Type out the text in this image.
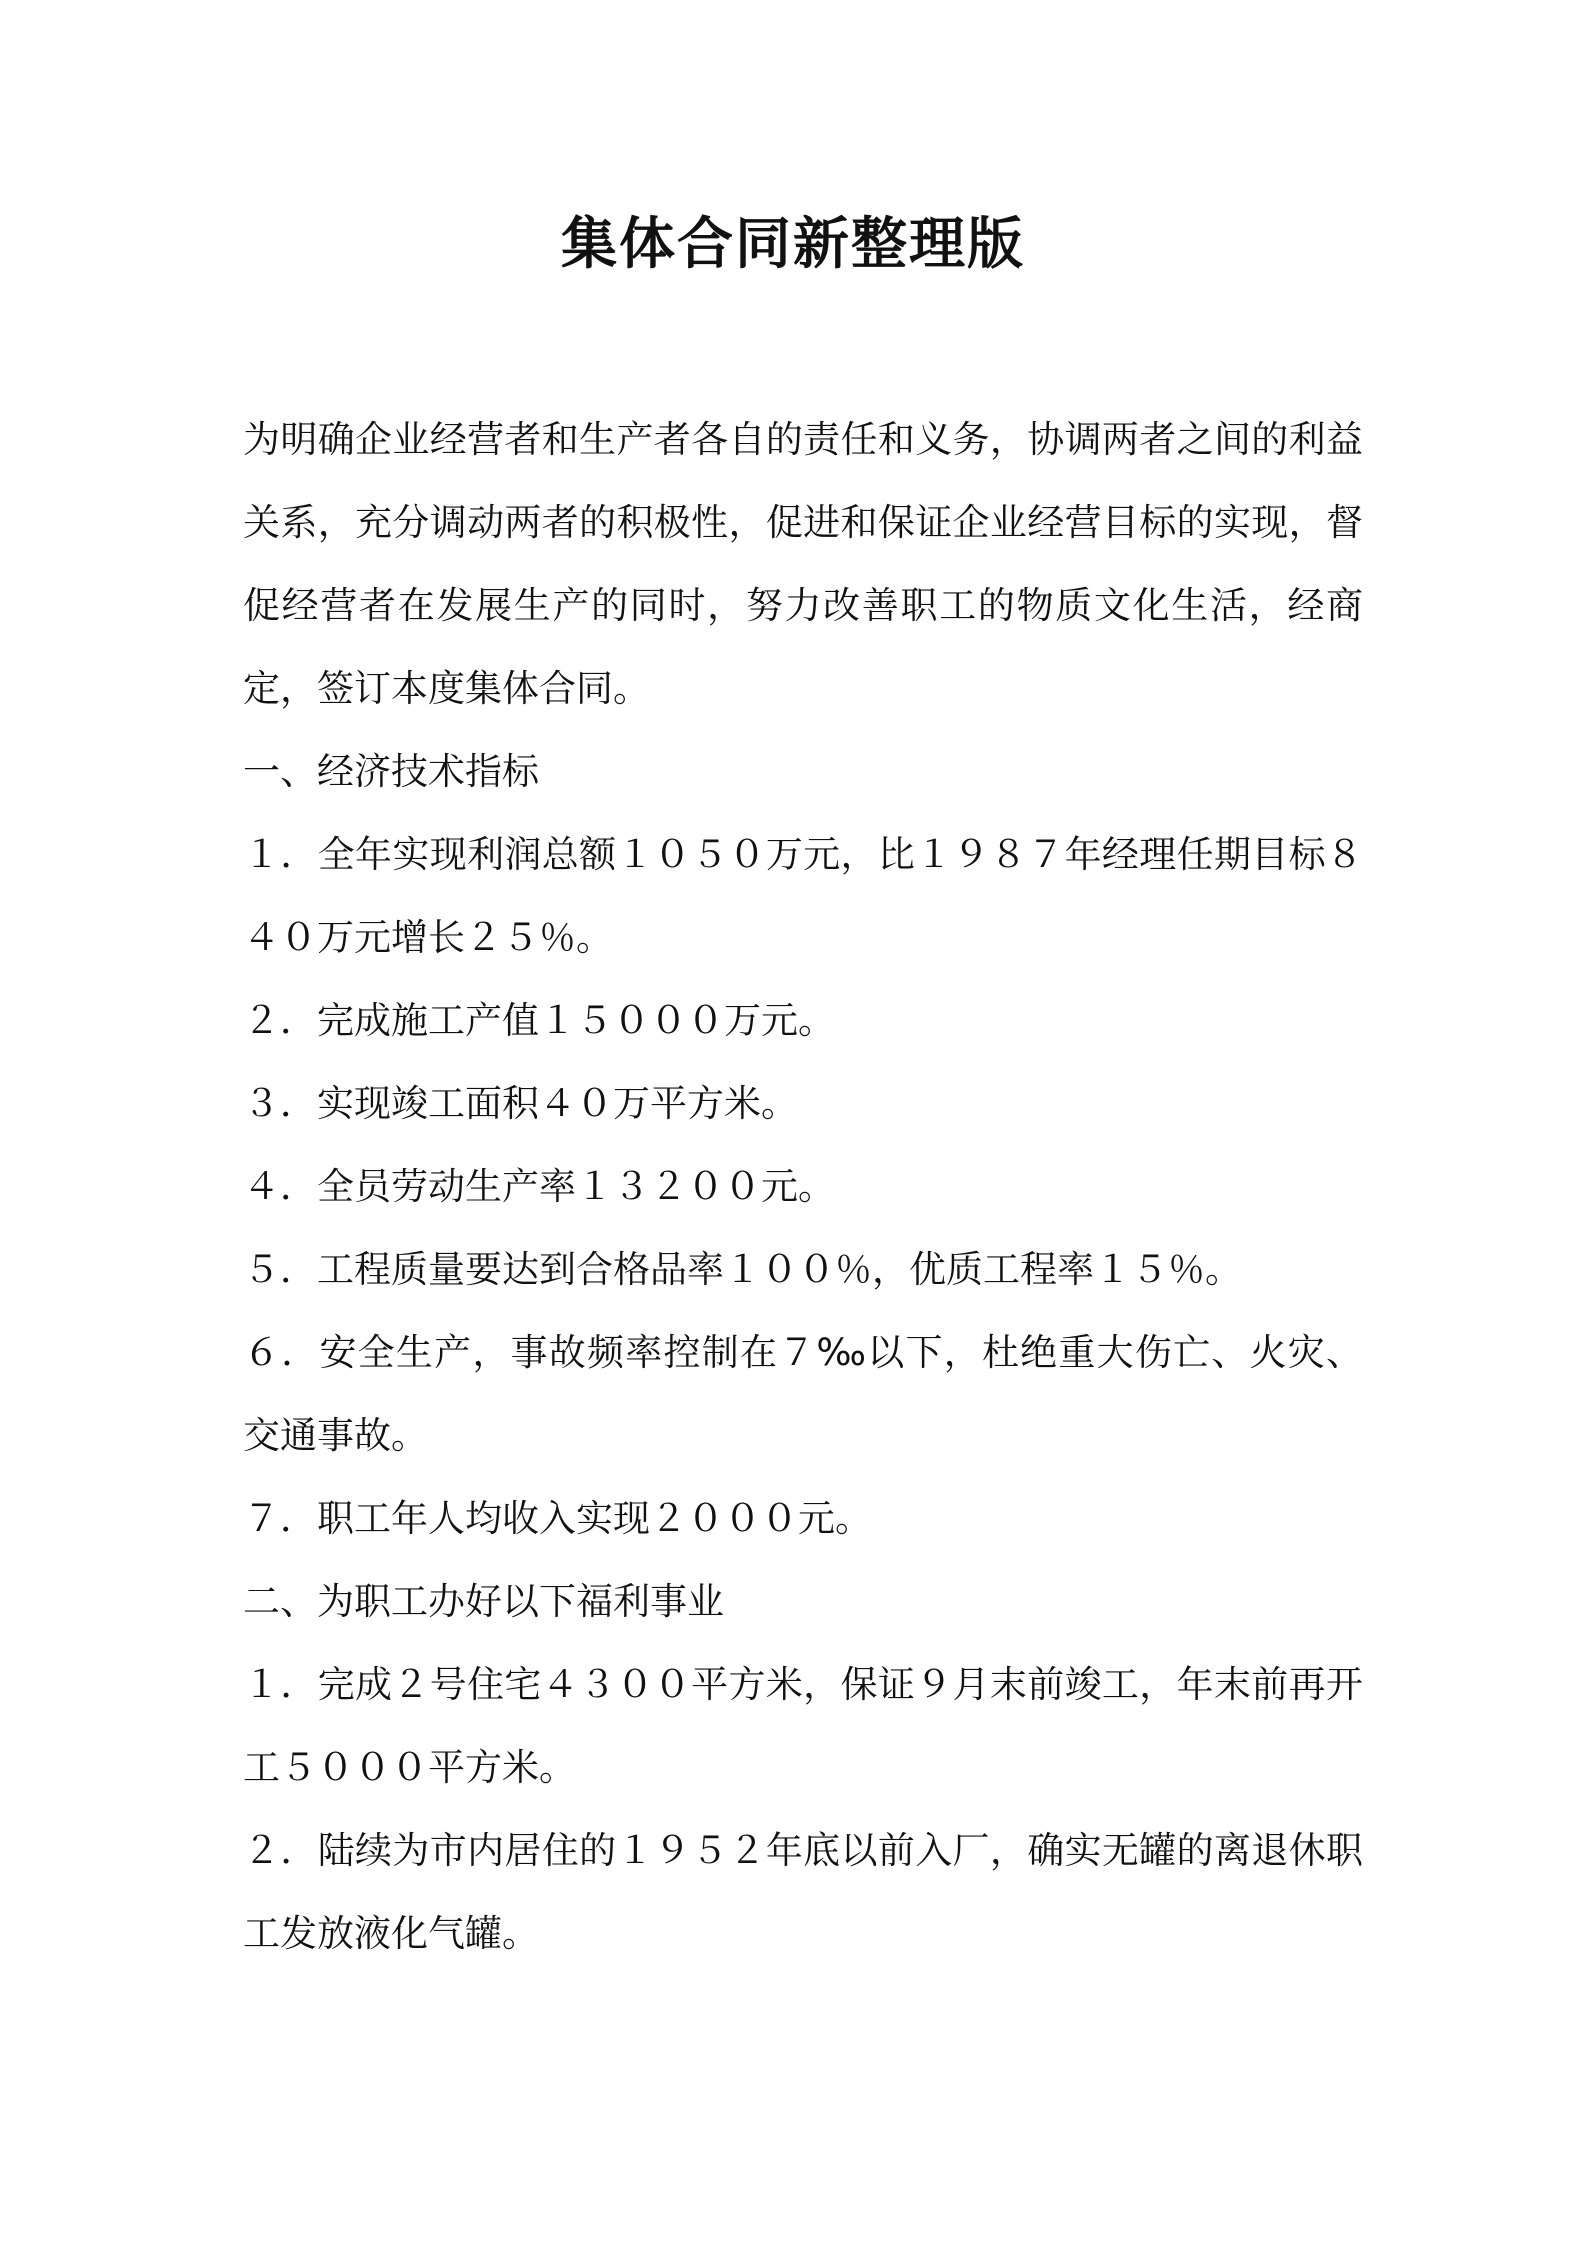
集体合同新整理版

为明确企业经营者和生产者各自的责任和义务，协调两者之间的利益关系，充分调动两者的积极性，促进和保证企业经营目标的实现，督促经营者在发展生产的同时，努力改善职工的物质文化生活，经商定，签订本度集体合同。

一、经济技术指标

１．全年实现利润总额１０５０万元，比１９８７年经理任期目标８４０万元增长２５％。

２．完成施工产值１５０００万元。

３．实现竣工面积４０万平方米。

４．全员劳动生产率１３２００元。

５．工程质量要达到合格品率１００％，优质工程率１５％。

６．安全生产，事故频率控制在７‰以下，杜绝重大伤亡、火灾、交通事故。

７．职工年人均收入实现２０００元。

二、为职工办好以下福利事业

１．完成２号住宅４３００平方米，保证９月末前竣工，年末前再开工５０００平方米。

２．陆续为市内居住的１９５２年底以前入厂，确实无罐的离退休职工发放液化气罐。
